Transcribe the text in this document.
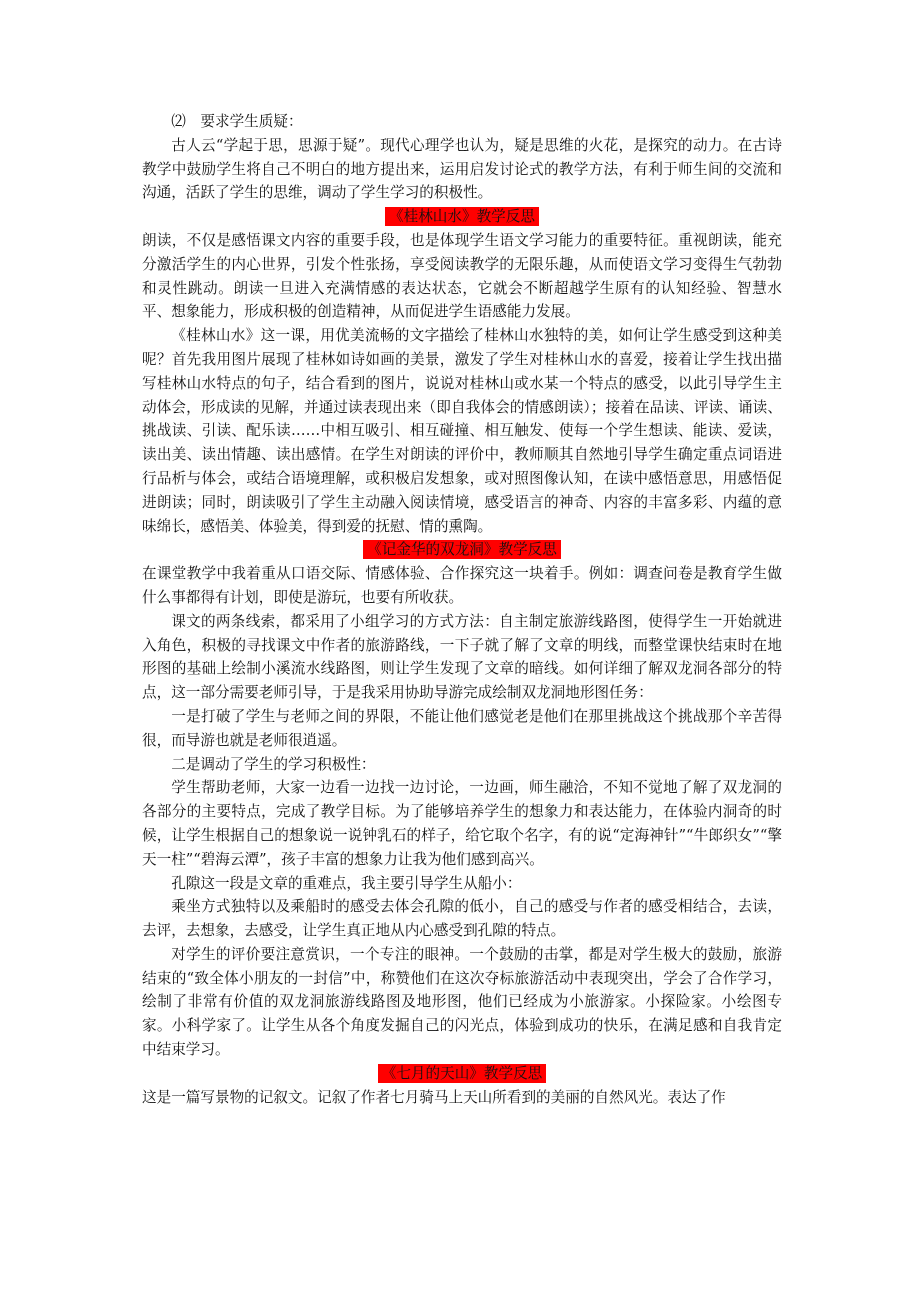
⑵　要求学生质疑：

古人云“学起于思，思源于疑”。现代心理学也认为，疑是思维的火花，是探究的动力。在古诗教学中鼓励学生将自己不明白的地方提出来，运用启发讨论式的教学方法，有利于师生间的交流和沟通，活跃了学生的思维，调动了学生学习的积极性。

《桂林山水》教学反思

朗读，不仅是感悟课文内容的重要手段，也是体现学生语文学习能力的重要特征。重视朗读，能充分激活学生的内心世界，引发个性张扬，享受阅读教学的无限乐趣，从而使语文学习变得生气勃勃和灵性跳动。朗读一旦进入充满情感的表达状态，它就会不断超越学生原有的认知经验、智慧水平、想象能力，形成积极的创造精神，从而促进学生语感能力发展。

《桂林山水》这一课，用优美流畅的文字描绘了桂林山水独特的美，如何让学生感受到这种美呢？首先我用图片展现了桂林如诗如画的美景，激发了学生对桂林山水的喜爱，接着让学生找出描写桂林山水特点的句子，结合看到的图片，说说对桂林山或水某一个特点的感受，以此引导学生主动体会，形成读的见解，并通过读表现出来（即自我体会的情感朗读）；接着在品读、评读、诵读、挑战读、引读、配乐读……中相互吸引、相互碰撞、相互触发、使每一个学生想读、能读、爱读，读出美、读出情趣、读出感情。在学生对朗读的评价中，教师顺其自然地引导学生确定重点词语进行品析与体会，或结合语境理解，或积极启发想象，或对照图像认知，在读中感悟意思，用感悟促进朗读；同时，朗读吸引了学生主动融入阅读情境，感受语言的神奇、内容的丰富多彩、内蕴的意味绵长，感悟美、体验美，得到爱的抚慰、情的熏陶。

《记金华的双龙洞》教学反思

在课堂教学中我着重从口语交际、情感体验、合作探究这一块着手。例如：调查问卷是教育学生做什么事都得有计划，即使是游玩，也要有所收获。

课文的两条线索，都采用了小组学习的方式方法：自主制定旅游线路图，使得学生一开始就进入角色，积极的寻找课文中作者的旅游路线，一下子就了解了文章的明线，而整堂课快结束时在地形图的基础上绘制小溪流水线路图，则让学生发现了文章的暗线。如何详细了解双龙洞各部分的特点，这一部分需要老师引导，于是我采用协助导游完成绘制双龙洞地形图任务：

一是打破了学生与老师之间的界限，不能让他们感觉老是他们在那里挑战这个挑战那个辛苦得很，而导游也就是老师很逍遥。

二是调动了学生的学习积极性：

学生帮助老师，大家一边看一边找一边讨论，一边画，师生融洽，不知不觉地了解了双龙洞的各部分的主要特点，完成了教学目标。为了能够培养学生的想象力和表达能力，在体验内洞奇的时候，让学生根据自己的想象说一说钟乳石的样子，给它取个名字，有的说“定海神针”“牛郎织女”“擎天一柱”“碧海云潭”，孩子丰富的想象力让我为他们感到高兴。

孔隙这一段是文章的重难点，我主要引导学生从船小：

乘坐方式独特以及乘船时的感受去体会孔隙的低小，自己的感受与作者的感受相结合，去读，去评，去想象，去感受，让学生真正地从内心感受到孔隙的特点。

对学生的评价要注意赏识，一个专注的眼神。一个鼓励的击掌，都是对学生极大的鼓励，旅游结束的“致全体小朋友的一封信”中，称赞他们在这次夺标旅游活动中表现突出，学会了合作学习，绘制了非常有价值的双龙洞旅游线路图及地形图，他们已经成为小旅游家。小探险家。小绘图专家。小科学家了。让学生从各个角度发掘自己的闪光点，体验到成功的快乐，在满足感和自我肯定中结束学习。

《七月的天山》教学反思

这是一篇写景物的记叙文。记叙了作者七月骑马上天山所看到的美丽的自然风光。表达了作
